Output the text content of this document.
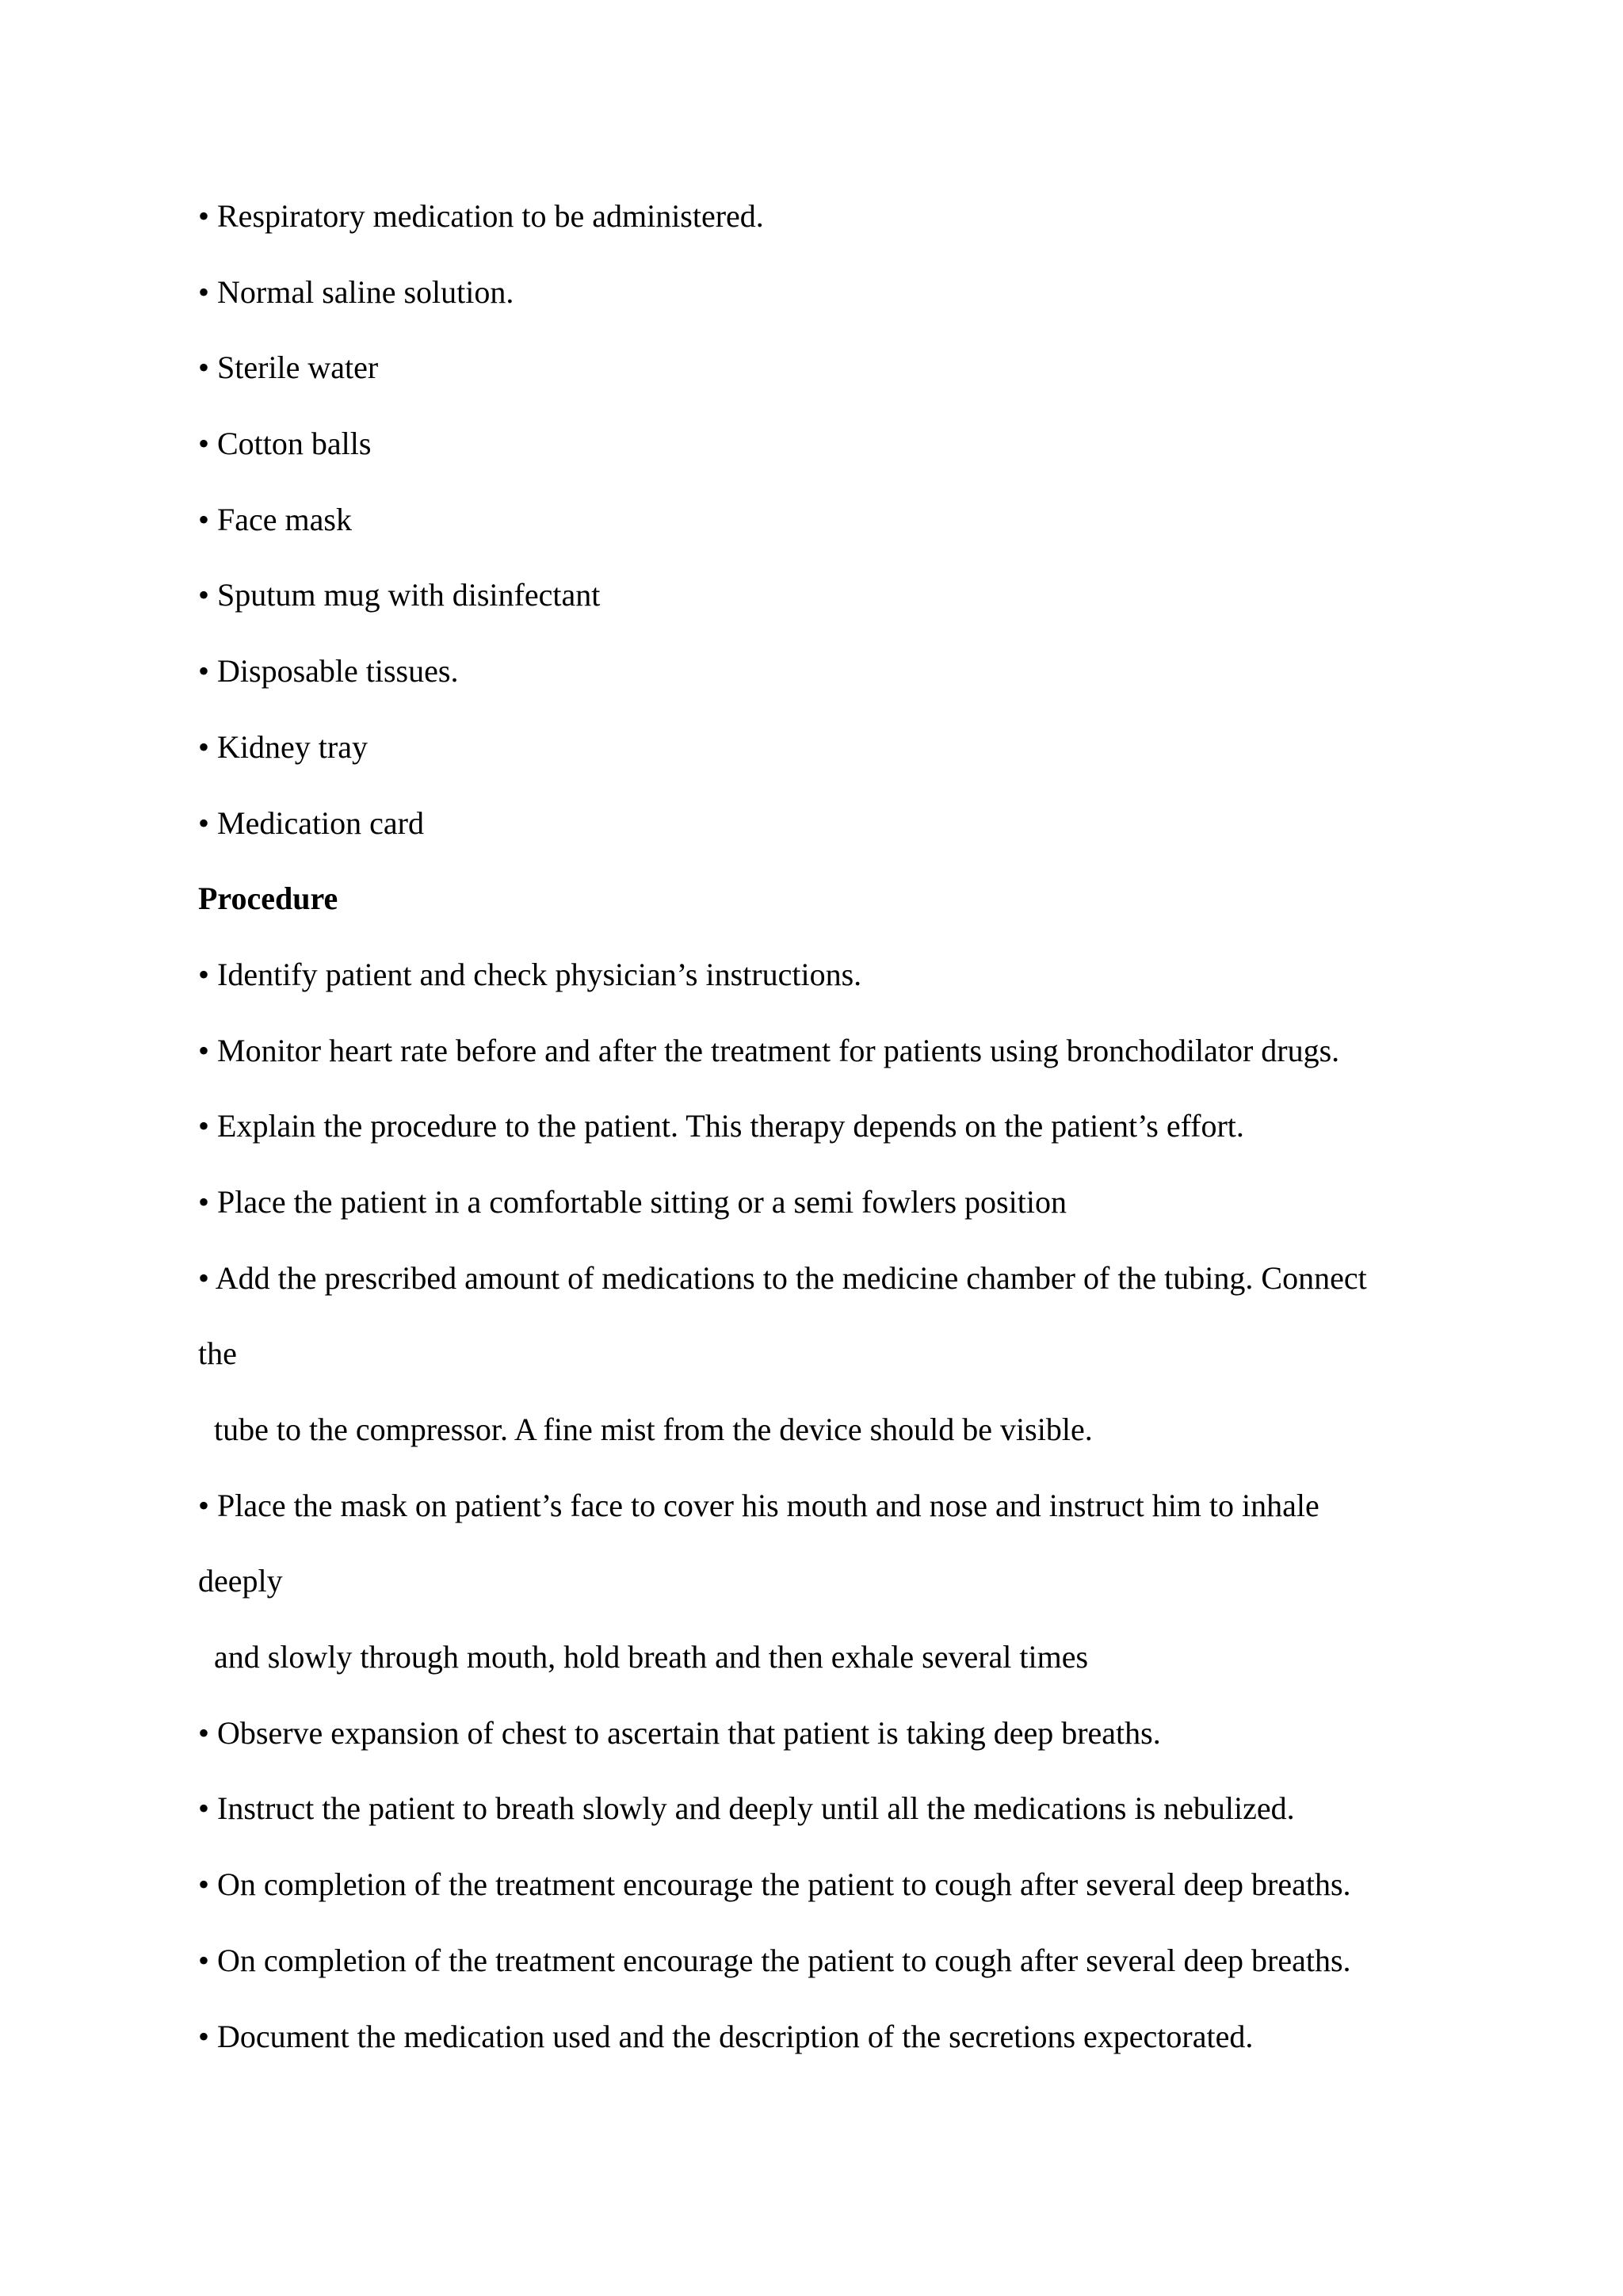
• Respiratory medication to be administered.
• Normal saline solution.
• Sterile water
• Cotton balls
• Face mask
• Sputum mug with disinfectant
• Disposable tissues.
• Kidney tray
• Medication card
Procedure
• Identify patient and check physician’s instructions.
• Monitor heart rate before and after the treatment for patients using bronchodilator drugs.
• Explain the procedure to the patient. This therapy depends on the patient’s effort.
• Place the patient in a comfortable sitting or a semi fowlers position
• Add the prescribed amount of medications to the medicine chamber of the tubing. Connect
the
tube to the compressor. A fine mist from the device should be visible.
• Place the mask on patient’s face to cover his mouth and nose and instruct him to inhale
deeply
and slowly through mouth, hold breath and then exhale several times
• Observe expansion of chest to ascertain that patient is taking deep breaths.
• Instruct the patient to breath slowly and deeply until all the medications is nebulized.
• On completion of the treatment encourage the patient to cough after several deep breaths.
• On completion of the treatment encourage the patient to cough after several deep breaths.
• Document the medication used and the description of the secretions expectorated.
